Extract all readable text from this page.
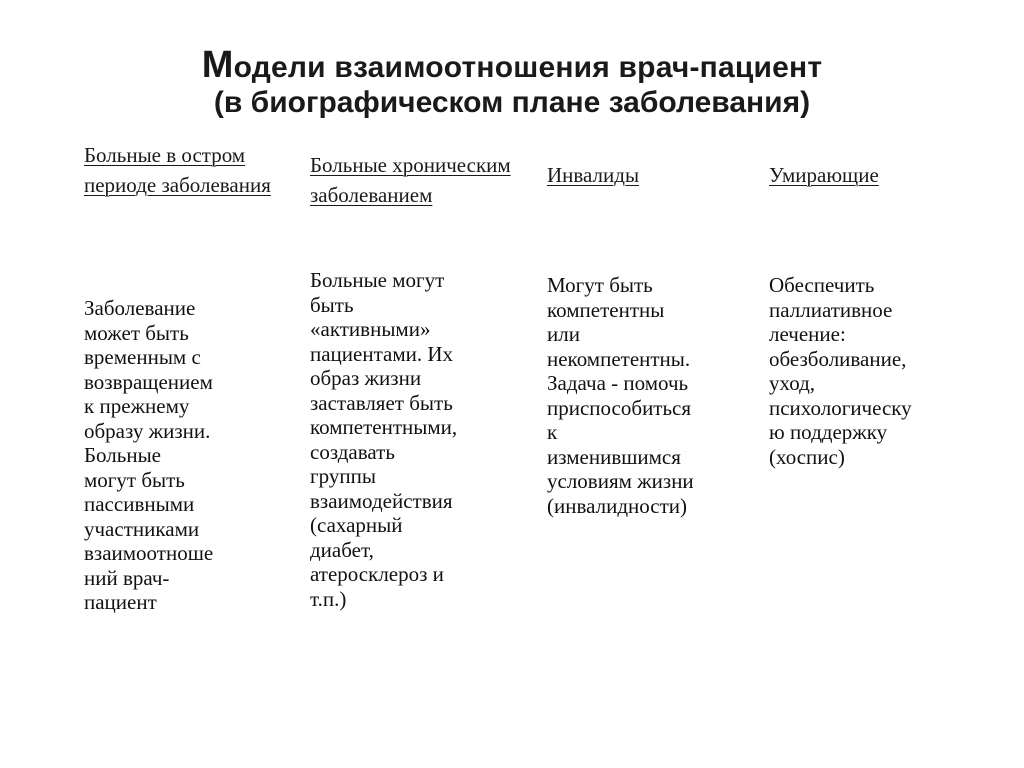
Модели взаимоотношения врач-пациент
(в биографическом плане заболевания)
Больные в остром периоде заболевания
Заболевание
может быть
временным с
возвращением
к прежнему
образу жизни.
Больные
могут быть
пассивными
участниками
взаимоотноше
ний врач-
пациент
Больные хроническим заболеванием
Больные могут
быть
«активными»
пациентами. Их
образ жизни
заставляет быть
компетентными,
создавать
группы
взаимодействия
(сахарный
диабет,
атеросклероз и
т.п.)
Инвалиды
Могут быть
компетентны
или
некомпетентны.
Задача - помочь
приспособиться
к
изменившимся
условиям жизни
(инвалидности)
Умирающие
Обеспечить
паллиативное
лечение:
обезболивание,
уход,
психологическу
ю поддержку
(хоспис)
